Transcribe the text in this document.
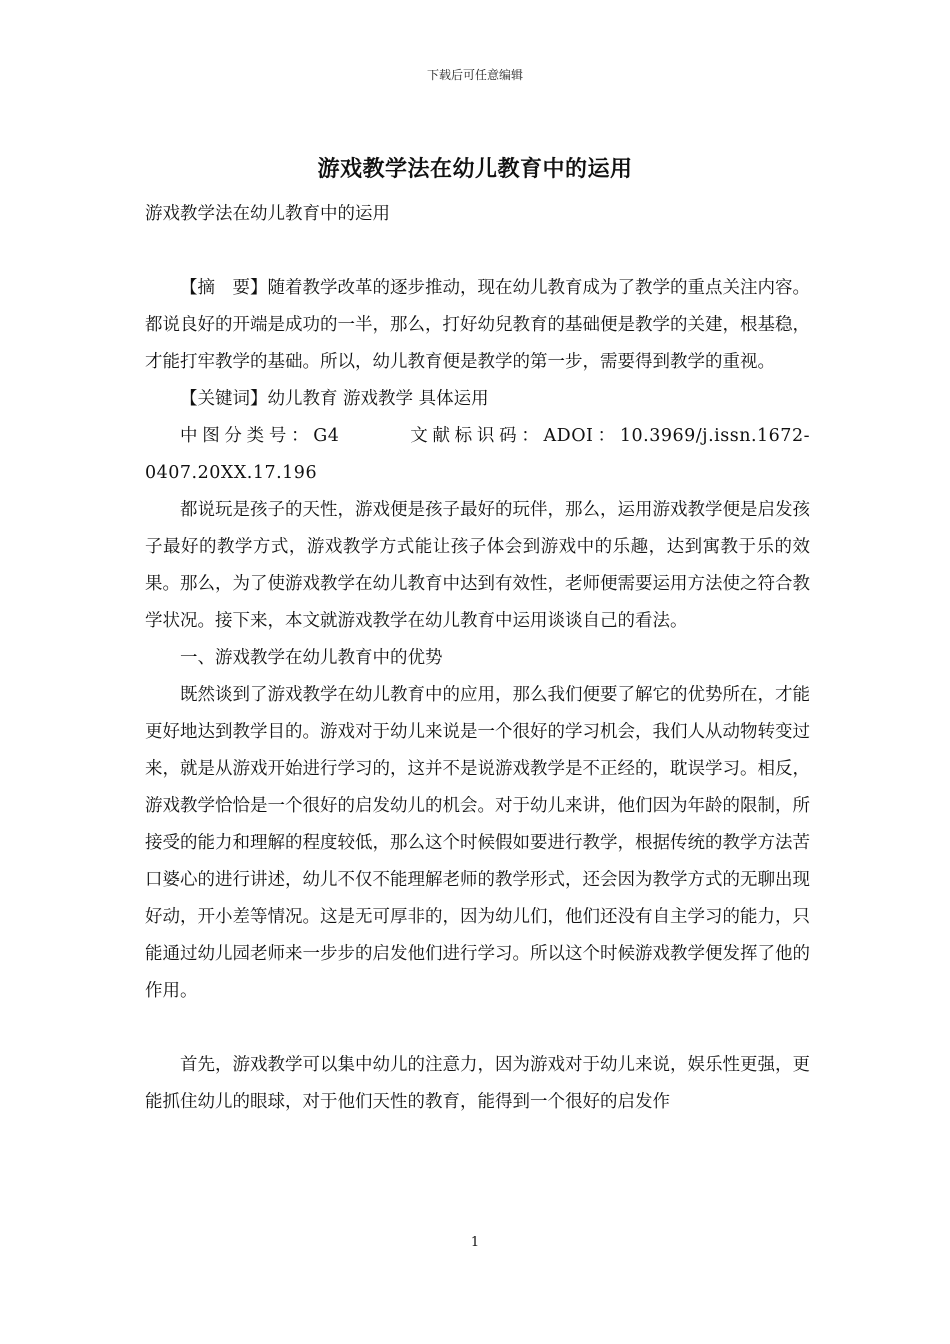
下载后可任意编辑
游戏教学法在幼儿教育中的运用

游戏教学法在幼儿教育中的运用

【摘　要】随着教学改革的逐步推动，现在幼儿教育成为了教学的重点关注内容。都说良好的开端是成功的一半，那么，打好幼兒教育的基础便是教学的关建，根基稳，才能打牢教学的基础。所以，幼儿教育便是教学的第一步，需要得到教学的重视。

【关键词】幼儿教育 游戏教学 具体运用

中图分类号：G4　　　文献标识码：ADOI：10.3969/j.issn.1672-0407.20XX.17.196

都说玩是孩子的天性，游戏便是孩子最好的玩伴，那么，运用游戏教学便是启发孩子最好的教学方式，游戏教学方式能让孩子体会到游戏中的乐趣，达到寓教于乐的效果。那么，为了使游戏教学在幼儿教育中达到有效性，老师便需要运用方法使之符合教学状况。接下来，本文就游戏教学在幼儿教育中运用谈谈自己的看法。

一、游戏教学在幼儿教育中的优势

既然谈到了游戏教学在幼儿教育中的应用，那么我们便要了解它的优势所在，才能更好地达到教学目的。游戏对于幼儿来说是一个很好的学习机会，我们人从动物转变过来，就是从游戏开始进行学习的，这并不是说游戏教学是不正经的，耽误学习。相反，游戏教学恰恰是一个很好的启发幼儿的机会。对于幼儿来讲，他们因为年龄的限制，所接受的能力和理解的程度较低，那么这个时候假如要进行教学，根据传统的教学方法苦口婆心的进行讲述，幼儿不仅不能理解老师的教学形式，还会因为教学方式的无聊出现好动，开小差等情况。这是无可厚非的，因为幼儿们，他们还没有自主学习的能力，只能通过幼儿园老师来一步步的启发他们进行学习。所以这个时候游戏教学便发挥了他的作用。

首先，游戏教学可以集中幼儿的注意力，因为游戏对于幼儿来说，娱乐性更强，更能抓住幼儿的眼球，对于他们天性的教育，能得到一个很好的启发作

1
